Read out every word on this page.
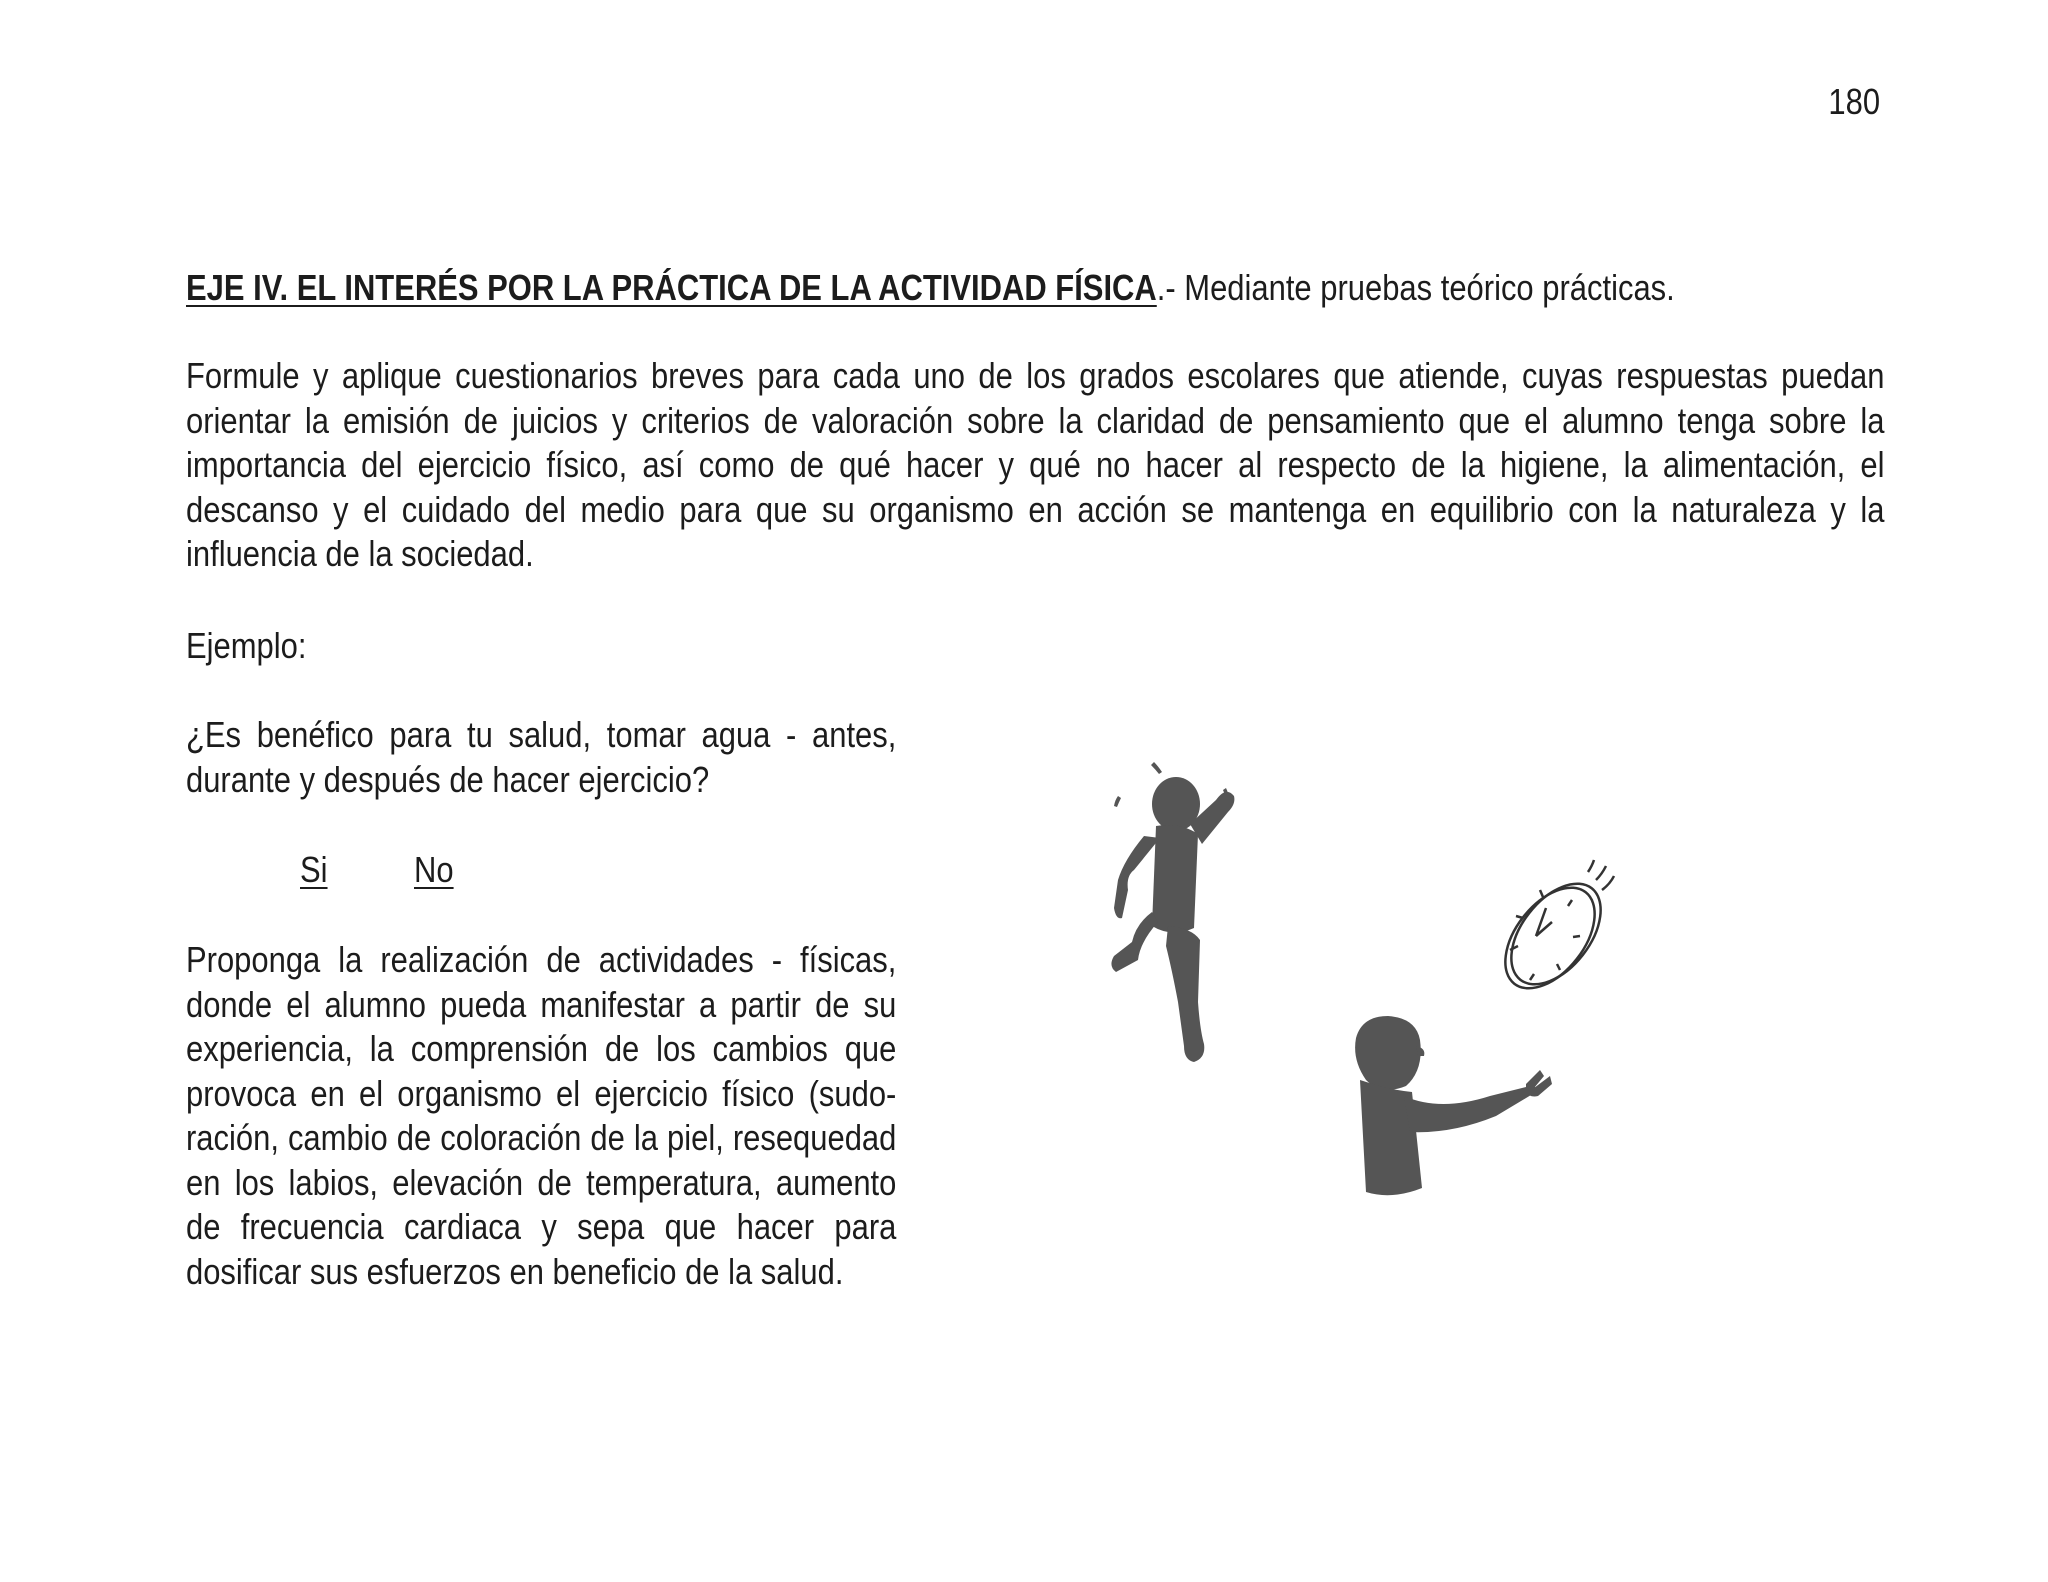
180
EJE IV. EL INTERÉS POR LA PRÁCTICA DE LA ACTIVIDAD FÍSICA.- Mediante pruebas teórico prácticas.
Formule y aplique cuestionarios breves para cada uno de los grados escolares que atiende, cuyas respuestas puedan orientar la emisión de juicios y criterios de valoración sobre la claridad de pensamiento que el alumno tenga sobre la importancia del ejercicio físico, así como de qué hacer y qué no hacer al respecto de la higiene, la alimentación, el descanso y el cuidado del medio para que su organismo en acción se mantenga en equilibrio con la naturaleza y la influencia de la sociedad.
Ejemplo:
¿Es benéfico para tu salud, tomar agua - antes, durante y después de hacer ejercicio?
Si No
Proponga la realización de actividades - físicas, donde el alumno pueda manifestar a partir de su experiencia, la comprensión de los cambios que provoca en el organismo el ejercicio físico (sudo-ración, cambio de coloración de la piel, resequedad en los labios, elevación de temperatura, aumento de frecuencia cardiaca y sepa que hacer para dosificar sus esfuerzos en beneficio de la salud.
